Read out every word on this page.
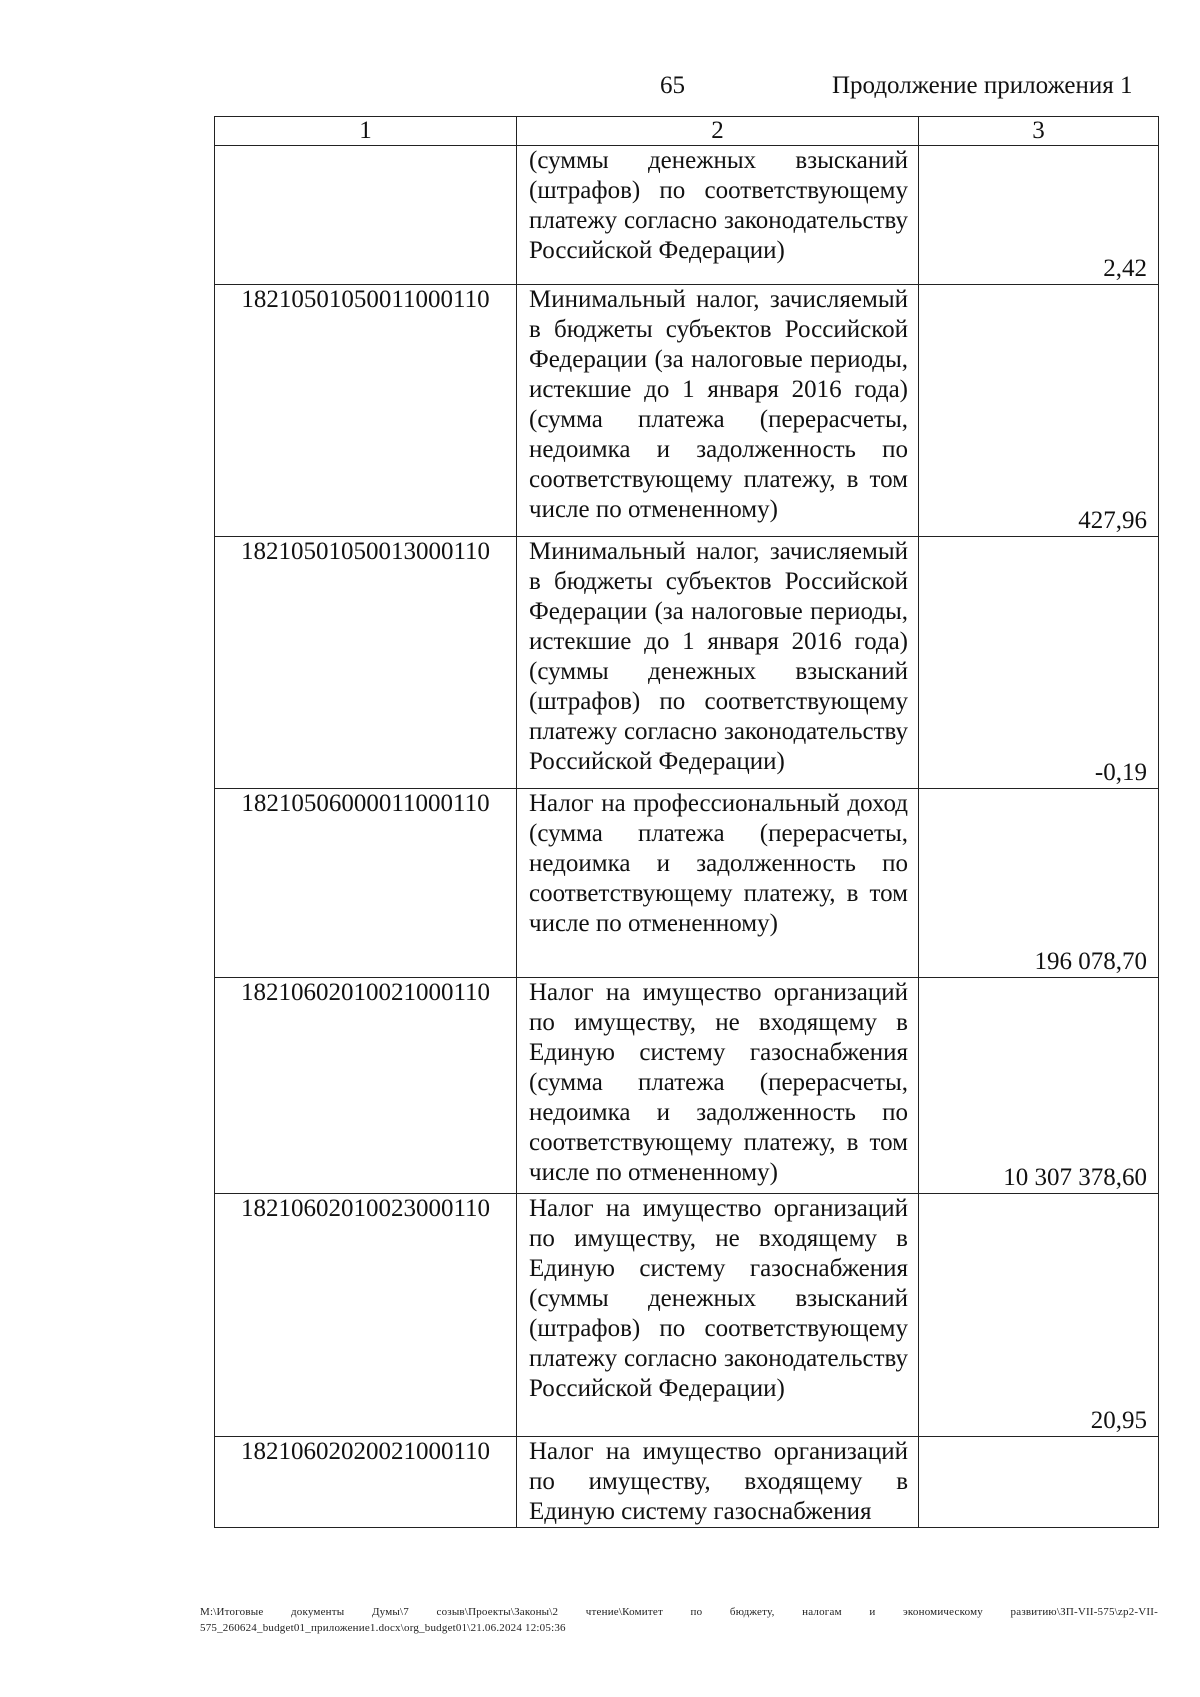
65	Продолжение приложения 1
1	2	3
	(суммы денежных взысканий (штрафов) по соответствующему платежу согласно законодательству Российской Федерации)	2,42
18210501050011000110	Минимальный налог, зачисляемый в бюджеты субъектов Российской Федерации (за налоговые периоды, истекшие до 1 января 2016 года) (сумма платежа (перерасчеты, недоимка и задолженность по соответствующему платежу, в том числе по отмененному)	427,96
18210501050013000110	Минимальный налог, зачисляемый в бюджеты субъектов Российской Федерации (за налоговые периоды, истекшие до 1 января 2016 года) (суммы денежных взысканий (штрафов) по соответствующему платежу согласно законодательству Российской Федерации)	-0,19
18210506000011000110	Налог на профессиональный доход (сумма платежа (перерасчеты, недоимка и задолженность по соответствующему платежу, в том числе по отмененному)	196 078,70
18210602010021000110	Налог на имущество организаций по имуществу, не входящему в Единую систему газоснабжения (сумма платежа (перерасчеты, недоимка и задолженность по соответствующему платежу, в том числе по отмененному)	10 307 378,60
18210602010023000110	Налог на имущество организаций по имуществу, не входящему в Единую систему газоснабжения (суммы денежных взысканий (штрафов) по соответствующему платежу согласно законодательству Российской Федерации)	20,95
18210602020021000110	Налог на имущество организаций по имуществу, входящему в Единую систему газоснабжения	
М:\Итоговые документы Думы\7 созыв\Проекты\Законы\2 чтение\Комитет по бюджету, налогам и экономическому развитию\ЗП-VII-575\zp2-VII-575_260624_budget01_приложение1.docx\org_budget01\21.06.2024 12:05:36
